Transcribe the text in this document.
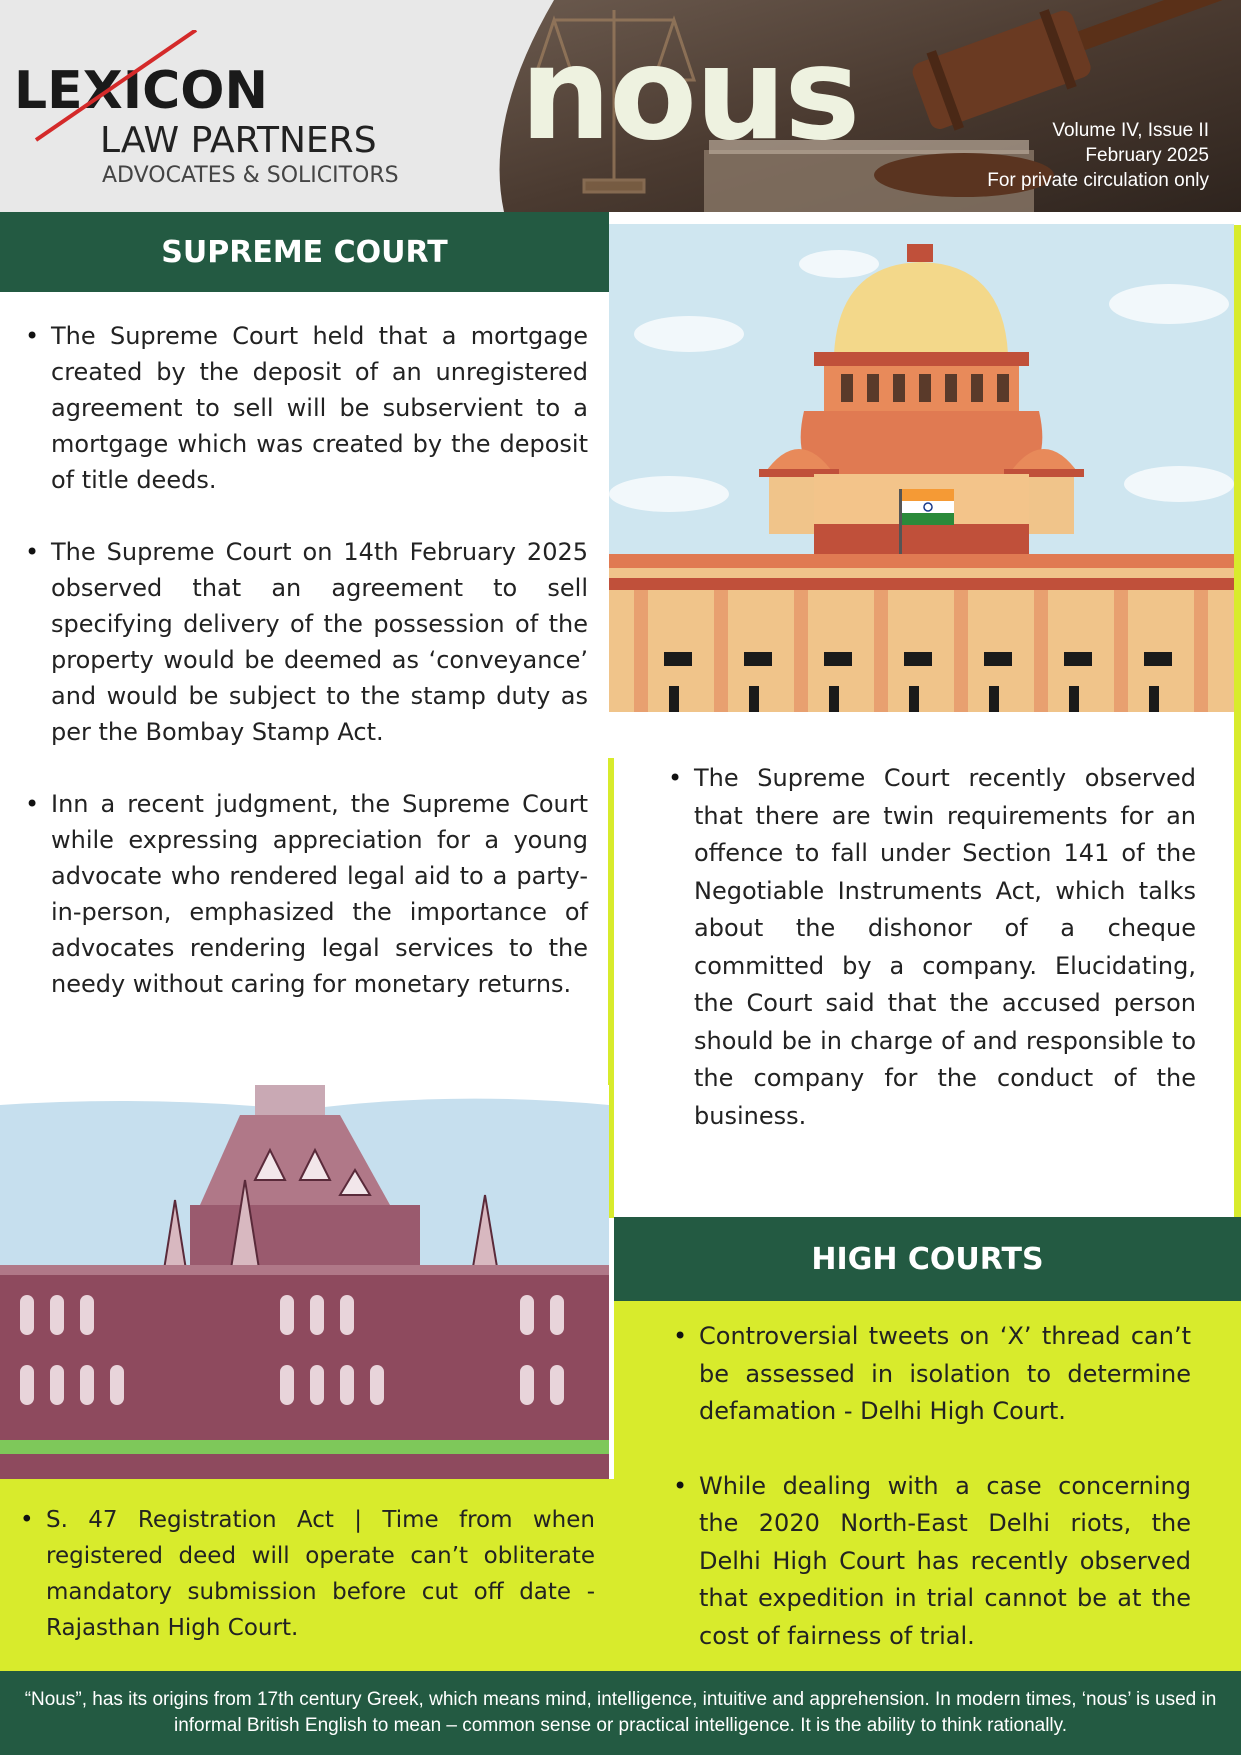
LEXICON
LAW PARTNERS
ADVOCATES & SOLICITORS
nous	Volume IV, Issue II
February 2025
For private circulation only
SUPREME COURT
• The Supreme Court held that a mortgage created by the deposit of an unregistered agreement to sell will be subservient to a mortgage which was created by the deposit of title deeds.
• The Supreme Court on 14th February 2025 observed that an agreement to sell specifying delivery of the possession of the property would be deemed as ‘conveyance’ and would be subject to the stamp duty as per the Bombay Stamp Act.
• Inn a recent judgment, the Supreme Court while expressing appreciation for a young advocate who rendered legal aid to a party-in-person, emphasized the importance of advocates rendering legal services to the needy without caring for monetary returns.
• The Supreme Court recently observed that there are twin requirements for an offence to fall under Section 141 of the Negotiable Instruments Act, which talks about the dishonor of a cheque committed by a company. Elucidating, the Court said that the accused person should be in charge of and responsible to the company for the conduct of the business.
HIGH COURTS
• Controversial tweets on ‘X’ thread can’t be assessed in isolation to determine defamation - Delhi High Court.
• While dealing with a case concerning the 2020 North-East Delhi riots, the Delhi High Court has recently observed that expedition in trial cannot be at the cost of fairness of trial.
• S. 47 Registration Act | Time from when registered deed will operate can’t obliterate mandatory submission before cut off date - Rajasthan High Court.
“Nous”, has its origins from 17th century Greek, which means mind, intelligence, intuitive and apprehension. In modern times, ‘nous’ is used in informal British English to mean – common sense or practical intelligence. It is the ability to think rationally.
